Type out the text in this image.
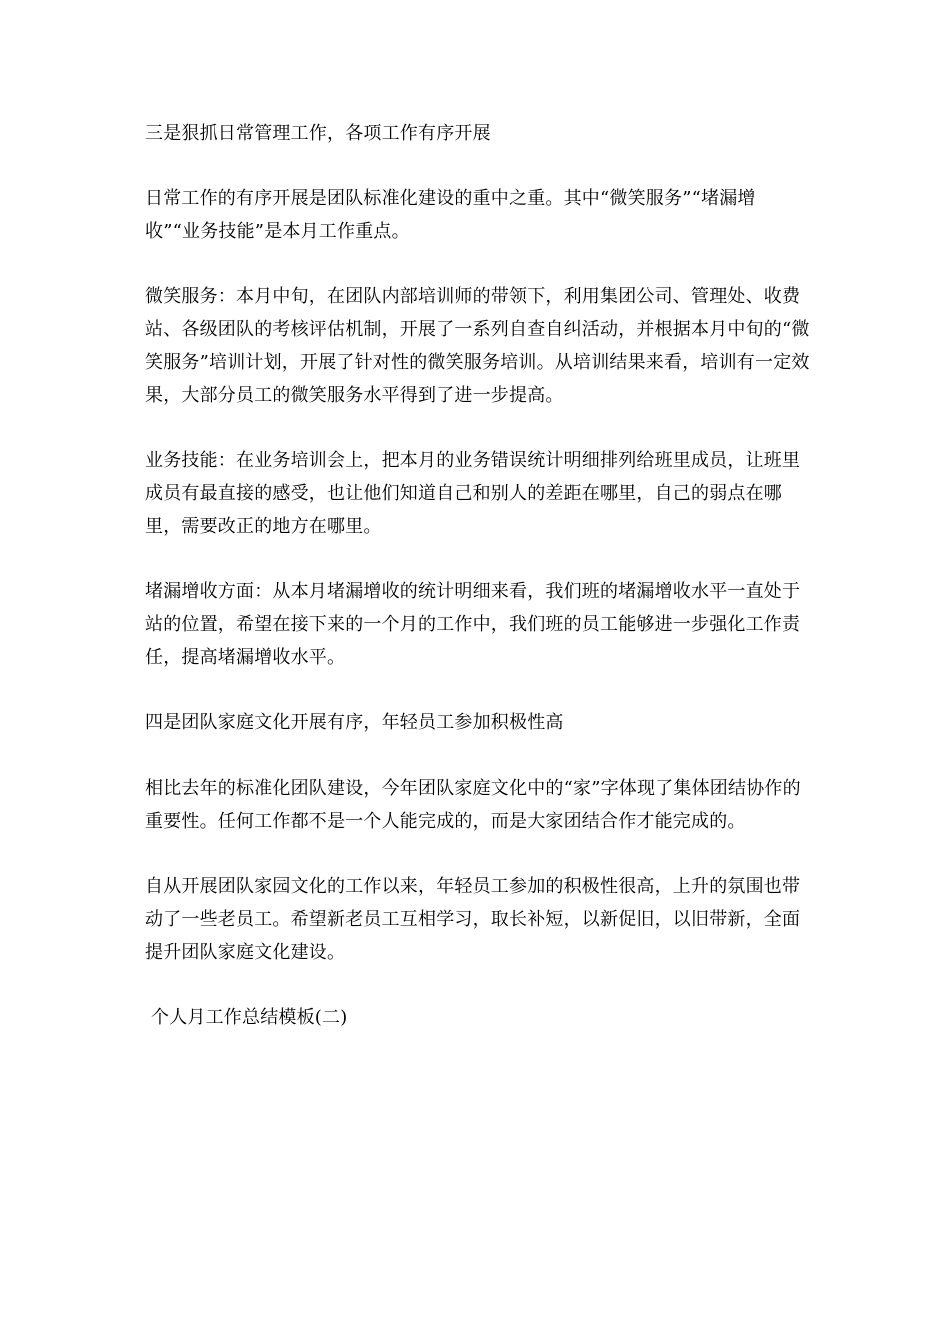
三是狠抓日常管理工作，各项工作有序开展

日常工作的有序开展是团队标准化建设的重中之重。其中“微笑服务”“堵漏增收”“业务技能”是本月工作重点。

微笑服务：本月中旬，在团队内部培训师的带领下，利用集团公司、管理处、收费站、各级团队的考核评估机制，开展了一系列自查自纠活动，并根据本月中旬的“微笑服务”培训计划，开展了针对性的微笑服务培训。从培训结果来看，培训有一定效果，大部分员工的微笑服务水平得到了进一步提高。

业务技能：在业务培训会上，把本月的业务错误统计明细排列给班里成员，让班里成员有最直接的感受，也让他们知道自己和别人的差距在哪里，自己的弱点在哪里，需要改正的地方在哪里。

堵漏增收方面：从本月堵漏增收的统计明细来看，我们班的堵漏增收水平一直处于站的位置，希望在接下来的一个月的工作中，我们班的员工能够进一步强化工作责任，提高堵漏增收水平。

四是团队家庭文化开展有序，年轻员工参加积极性高

相比去年的标准化团队建设，今年团队家庭文化中的“家”字体现了集体团结协作的重要性。任何工作都不是一个人能完成的，而是大家团结合作才能完成的。

自从开展团队家园文化的工作以来，年轻员工参加的积极性很高，上升的氛围也带动了一些老员工。希望新老员工互相学习，取长补短，以新促旧，以旧带新，全面提升团队家庭文化建设。

个人月工作总结模板(二)
